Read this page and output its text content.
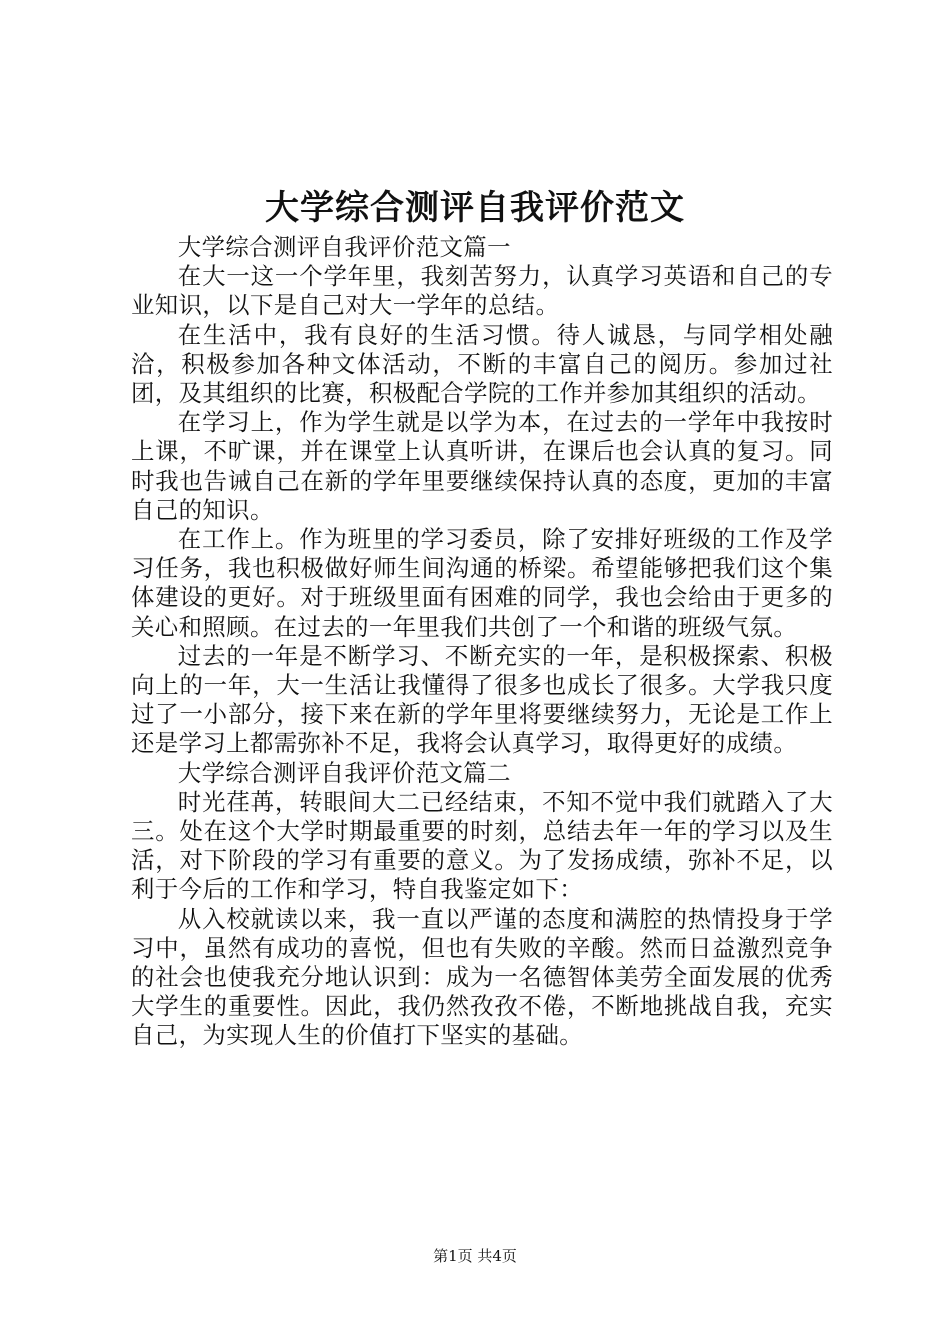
大学综合测评自我评价范文

大学综合测评自我评价范文篇一

在大一这一个学年里，我刻苦努力，认真学习英语和自己的专业知识，以下是自己对大一学年的总结。

在生活中，我有良好的生活习惯。待人诚恳，与同学相处融洽，积极参加各种文体活动，不断的丰富自己的阅历。参加过社团，及其组织的比赛，积极配合学院的工作并参加其组织的活动。

在学习上，作为学生就是以学为本，在过去的一学年中我按时上课，不旷课，并在课堂上认真听讲，在课后也会认真的复习。同时我也告诫自己在新的学年里要继续保持认真的态度，更加的丰富自己的知识。

在工作上。作为班里的学习委员，除了安排好班级的工作及学习任务，我也积极做好师生间沟通的桥梁。希望能够把我们这个集体建设的更好。对于班级里面有困难的同学，我也会给由于更多的关心和照顾。在过去的一年里我们共创了一个和谐的班级气氛。

过去的一年是不断学习、不断充实的一年，是积极探索、积极向上的一年，大一生活让我懂得了很多也成长了很多。大学我只度过了一小部分，接下来在新的学年里将要继续努力，无论是工作上还是学习上都需弥补不足，我将会认真学习，取得更好的成绩。

大学综合测评自我评价范文篇二

时光荏苒，转眼间大二已经结束，不知不觉中我们就踏入了大三。处在这个大学时期最重要的时刻，总结去年一年的学习以及生活，对下阶段的学习有重要的意义。为了发扬成绩，弥补不足，以利于今后的工作和学习，特自我鉴定如下：

从入校就读以来，我一直以严谨的态度和满腔的热情投身于学习中，虽然有成功的喜悦，但也有失败的辛酸。然而日益激烈竞争的社会也使我充分地认识到：成为一名德智体美劳全面发展的优秀大学生的重要性。因此，我仍然孜孜不倦，不断地挑战自我，充实自己，为实现人生的价值打下坚实的基础。

第1页 共4页
